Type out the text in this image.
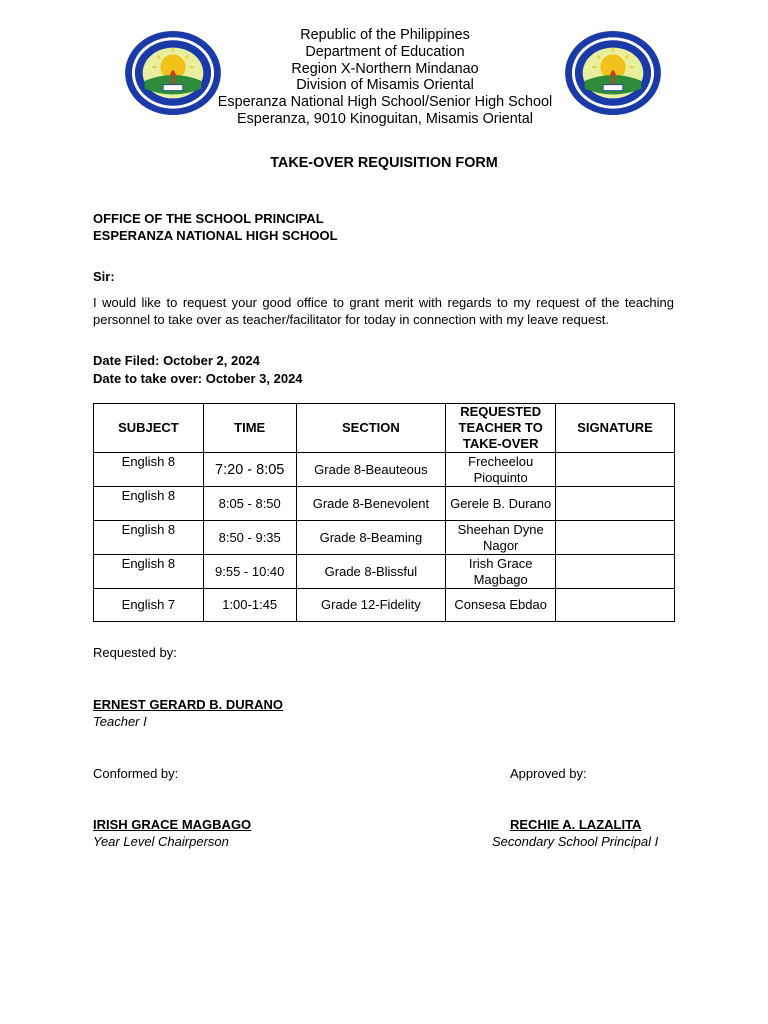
Republic of the Philippines
Department of Education
Region X-Northern Mindanao
Division of Misamis Oriental
Esperanza National High School/Senior High School
Esperanza, 9010 Kinoguitan, Misamis Oriental
TAKE-OVER REQUISITION FORM
OFFICE OF THE SCHOOL PRINCIPAL
ESPERANZA NATIONAL HIGH SCHOOL
Sir:
I would like to request your good office to grant merit with regards to my request of the teaching personnel to take over as teacher/facilitator for today in connection with my leave request.
Date Filed: October 2, 2024
Date to take over: October 3, 2024
SUBJECT	TIME	SECTION	REQUESTED TEACHER TO TAKE-OVER	SIGNATURE
English 8	7:20 - 8:05	Grade 8-Beauteous	Frecheelou Pioquinto	
English 8	8:05 - 8:50	Grade 8-Benevolent	Gerele B. Durano	
English 8	8:50 - 9:35	Grade 8-Beaming	Sheehan Dyne Nagor	
English 8	9:55 - 10:40	Grade 8-Blissful	Irish Grace Magbago	
English 7	1:00-1:45	Grade 12-Fidelity	Consesa Ebdao	
Requested by:
ERNEST GERARD B. DURANO
Teacher I
Conformed by:	Approved by:
IRISH GRACE MAGBAGO
Year Level Chairperson
RECHIE A. LAZALITA
Secondary School Principal I
